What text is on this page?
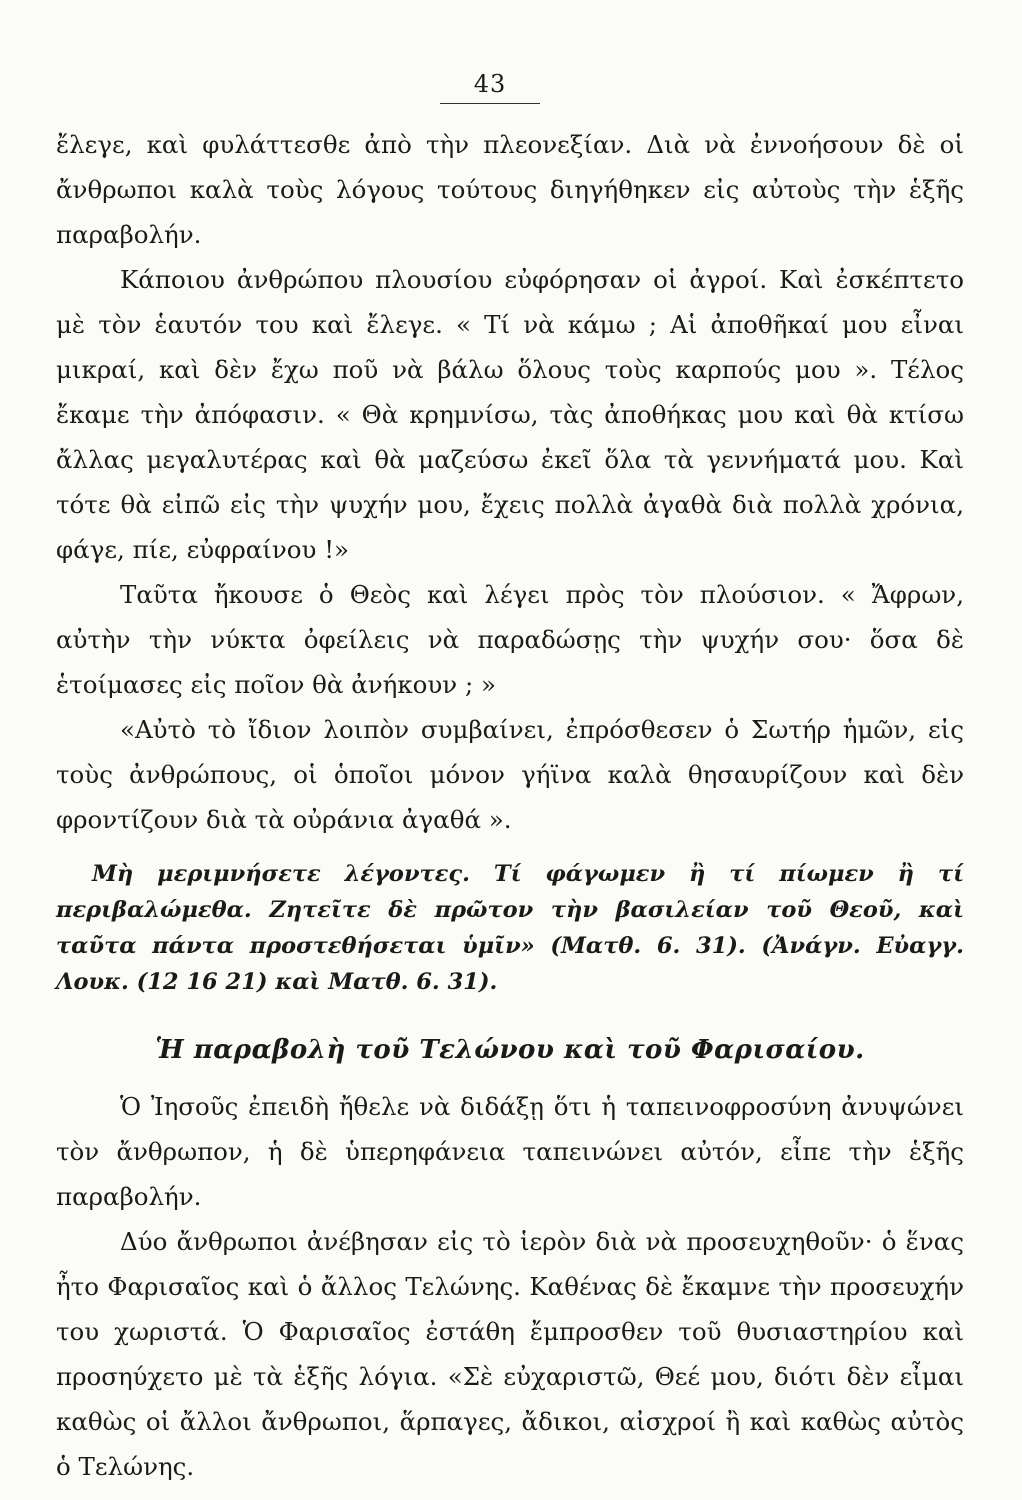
43

ἔλεγε, καὶ φυλάττεσθε ἀπὸ τὴν πλεονεξίαν. Διὰ νὰ ἐννοήσουν δὲ οἱ ἄνθρωποι καλὰ τοὺς λόγους τούτους διηγήθηκεν εἰς αὐτοὺς τὴν ἑξῆς παραβολήν.

Κάποιου ἀνθρώπου πλουσίου εὐφόρησαν οἱ ἀγροί. Καὶ ἐσκέπτετο μὲ τὸν ἑαυτόν του καὶ ἔλεγε. « Τί νὰ κάμω ; Αἱ ἀποθῆκαί μου εἶναι μικραί, καὶ δὲν ἔχω ποῦ νὰ βάλω ὅλους τοὺς καρπούς μου ». Τέλος ἔκαμε τὴν ἀπόφασιν. « Θὰ κρημνίσω, τὰς ἀποθήκας μου καὶ θὰ κτίσω ἄλλας μεγαλυτέρας καὶ θὰ μαζεύσω ἐκεῖ ὅλα τὰ γεννήματά μου. Καὶ τότε θὰ εἰπῶ εἰς τὴν ψυχήν μου, ἔχεις πολλὰ ἀγαθὰ διὰ πολλὰ χρόνια, φάγε, πίε, εὐφραίνου !»

Ταῦτα ἤκουσε ὁ Θεὸς καὶ λέγει πρὸς τὸν πλούσιον. « Ἄφρων, αὐτὴν τὴν νύκτα ὀφείλεις νὰ παραδώσῃς τὴν ψυχήν σου· ὅσα δὲ ἑτοίμασες εἰς ποῖον θὰ ἀνήκουν ; »

«Αὐτὸ τὸ ἴδιον λοιπὸν συμβαίνει, ἐπρόσθεσεν ὁ Σωτήρ ἡμῶν, εἰς τοὺς ἀνθρώπους, οἱ ὁποῖοι μόνον γήϊνα καλὰ θησαυρίζουν καὶ δὲν φροντίζουν διὰ τὰ οὐράνια ἀγαθά ».

Μὴ μεριμνήσετε λέγοντες. Τί φάγωμεν ἢ τί πίωμεν ἢ τί περιβαλώμεθα. Ζητεῖτε δὲ πρῶτον τὴν βασιλείαν τοῦ Θεοῦ, καὶ ταῦτα πάντα προστεθήσεται ὑμῖν» (Ματθ. 6. 31). (Ἀνάγν. Εὐαγγ. Λουκ. (12 16 21) καὶ Ματθ. 6. 31).

Ἡ παραβολὴ τοῦ Τελώνου καὶ τοῦ Φαρισαίου.

Ὁ Ἰησοῦς ἐπειδὴ ἤθελε νὰ διδάξῃ ὅτι ἡ ταπεινοφροσύνη ἀνυψώνει τὸν ἄνθρωπον, ἡ δὲ ὑπερηφάνεια ταπεινώνει αὐτόν, εἶπε τὴν ἑξῆς παραβολήν.

Δύο ἄνθρωποι ἀνέβησαν εἰς τὸ ἱερὸν διὰ νὰ προσευχηθοῦν· ὁ ἕνας ἦτο Φαρισαῖος καὶ ὁ ἄλλος Τελώνης. Καθένας δὲ ἔκαμνε τὴν προσευχήν του χωριστά. Ὁ Φαρισαῖος ἐστάθη ἔμπροσθεν τοῦ θυσιαστηρίου καὶ προσηύχετο μὲ τὰ ἑξῆς λόγια. «Σὲ εὐχαριστῶ, Θεέ μου, διότι δὲν εἶμαι καθὼς οἱ ἄλλοι ἄνθρωποι, ἅρπαγες, ἄδικοι, αἰσχροί ἢ καὶ καθὼς αὐτὸς ὁ Τελώνης.
